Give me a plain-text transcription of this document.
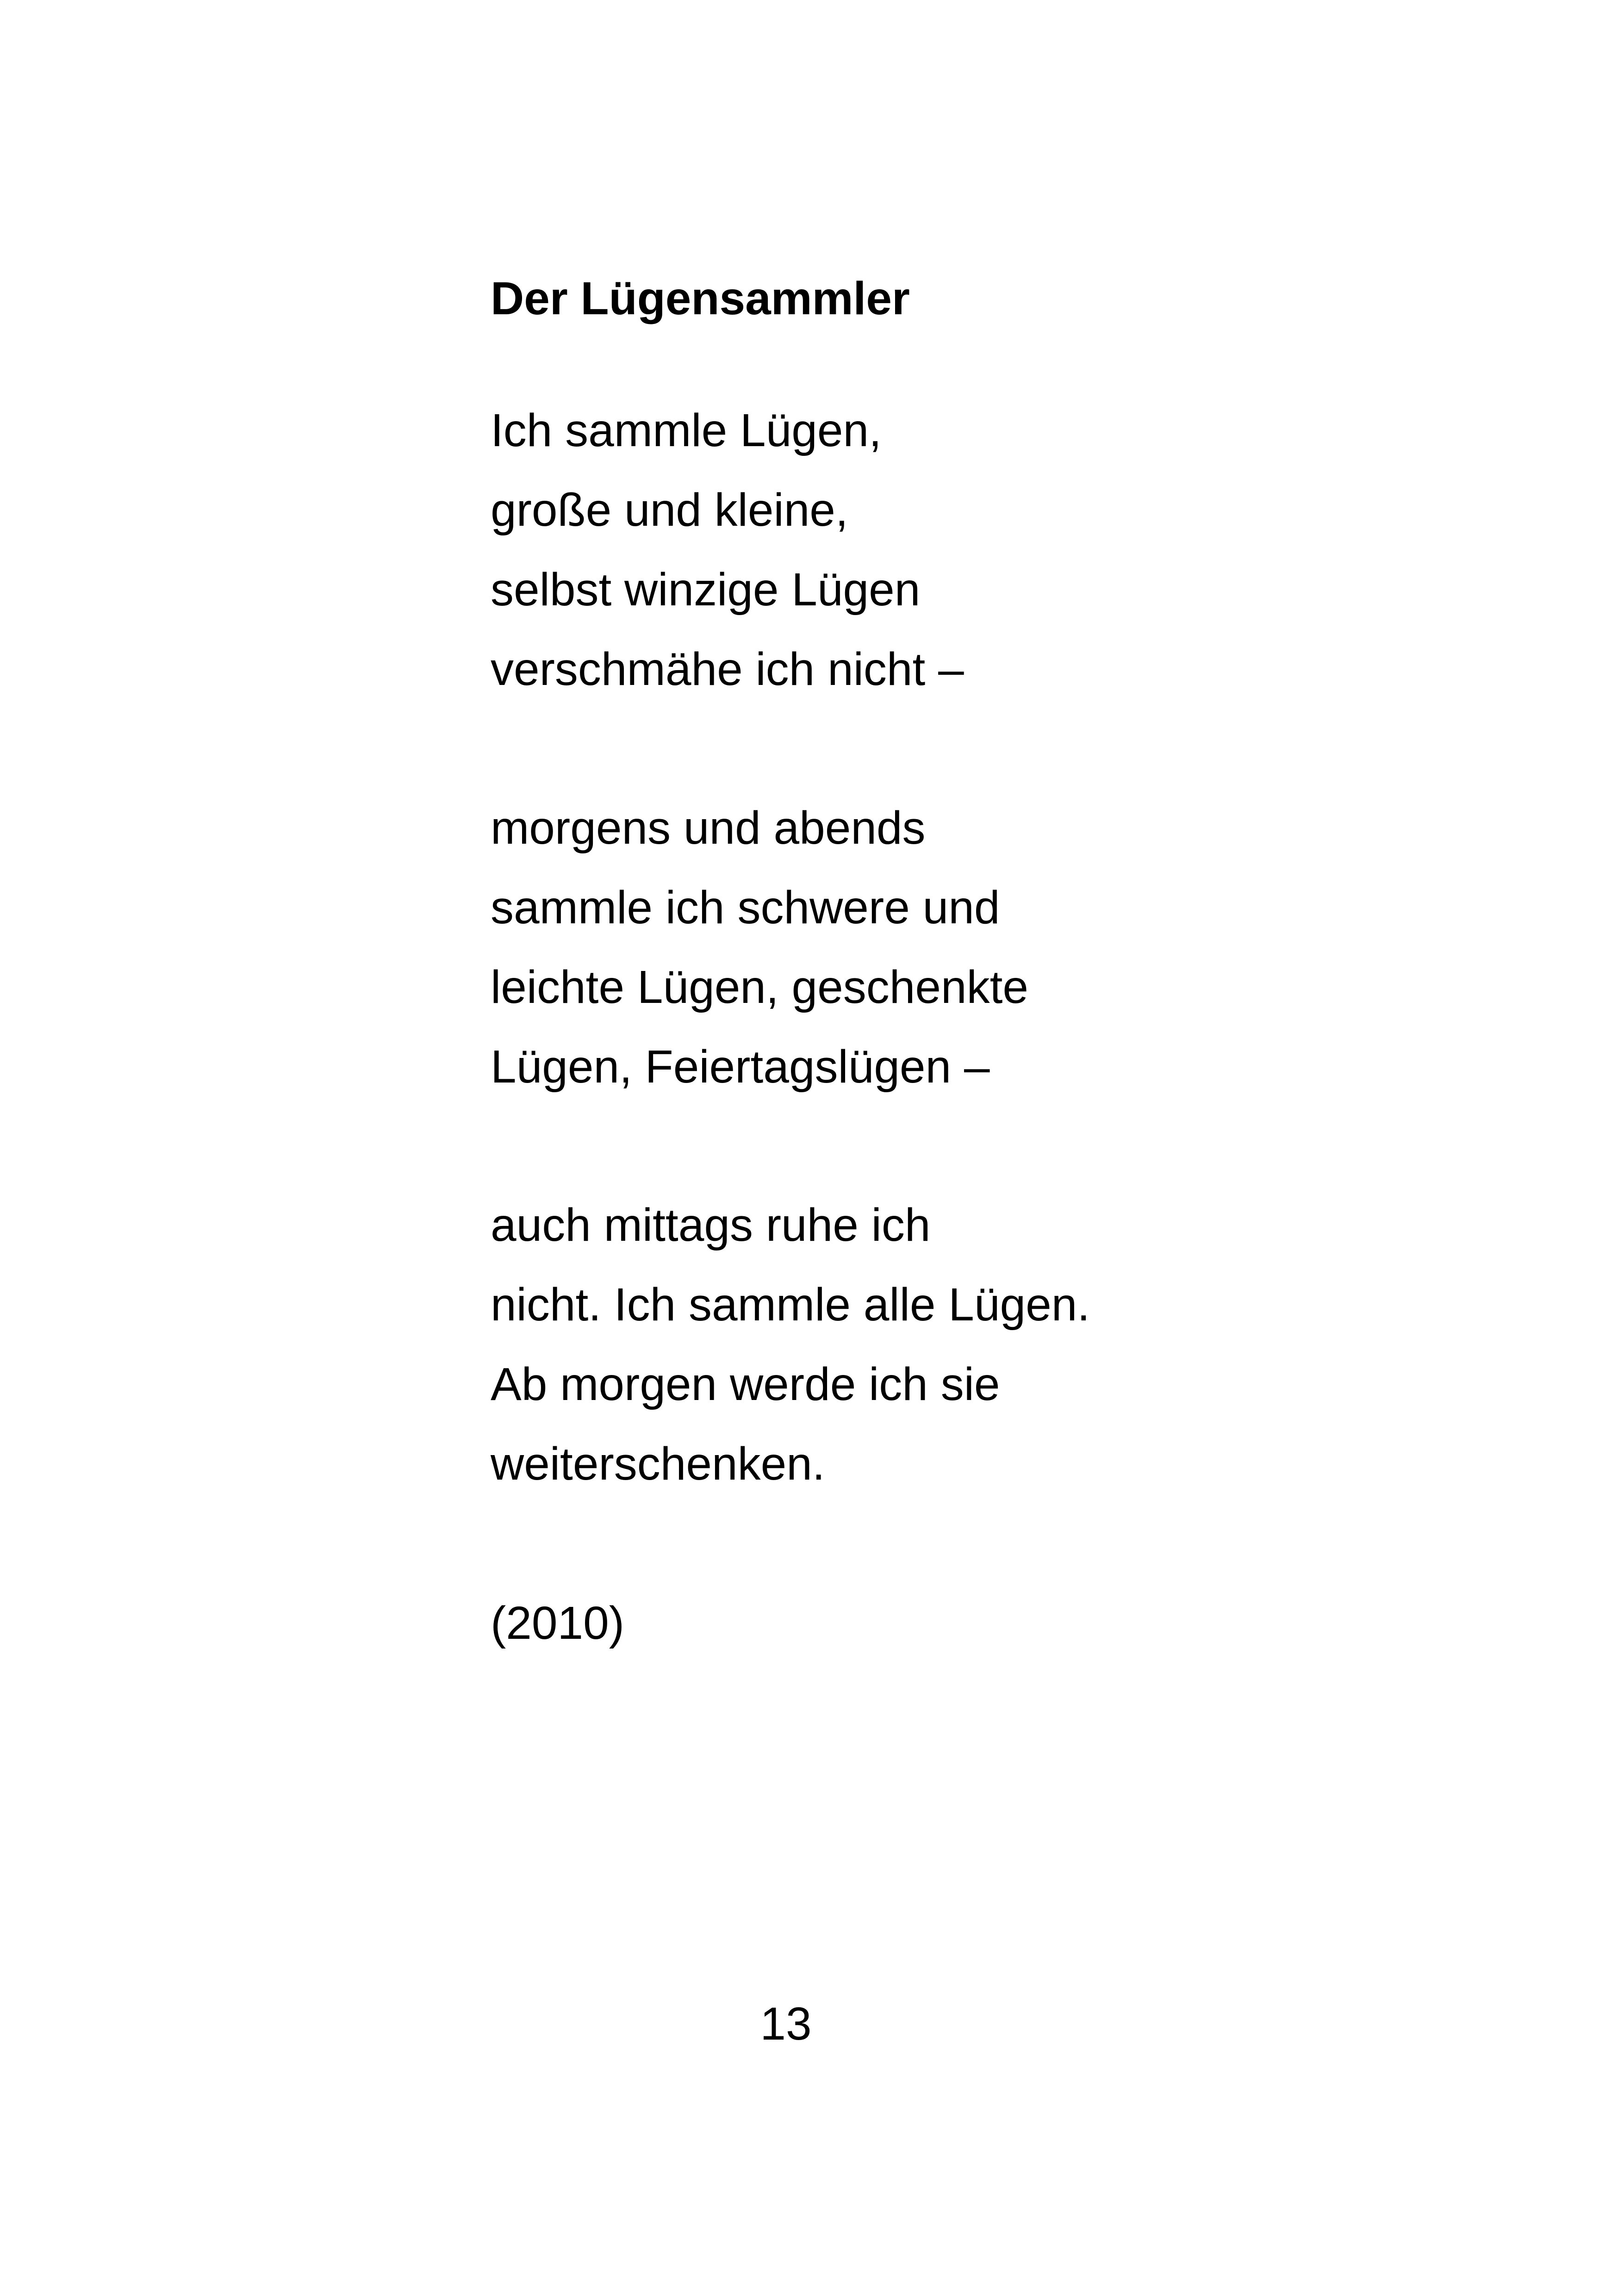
Der Lügensammler

Ich sammle Lügen,

große und kleine,

selbst winzige Lügen

verschmähe ich nicht –

morgens und abends

sammle ich schwere und

leichte Lügen, geschenkte

Lügen, Feiertagslügen –

auch mittags ruhe ich

nicht. Ich sammle alle Lügen.

Ab morgen werde ich sie

weiterschenken.

(2010)

13
